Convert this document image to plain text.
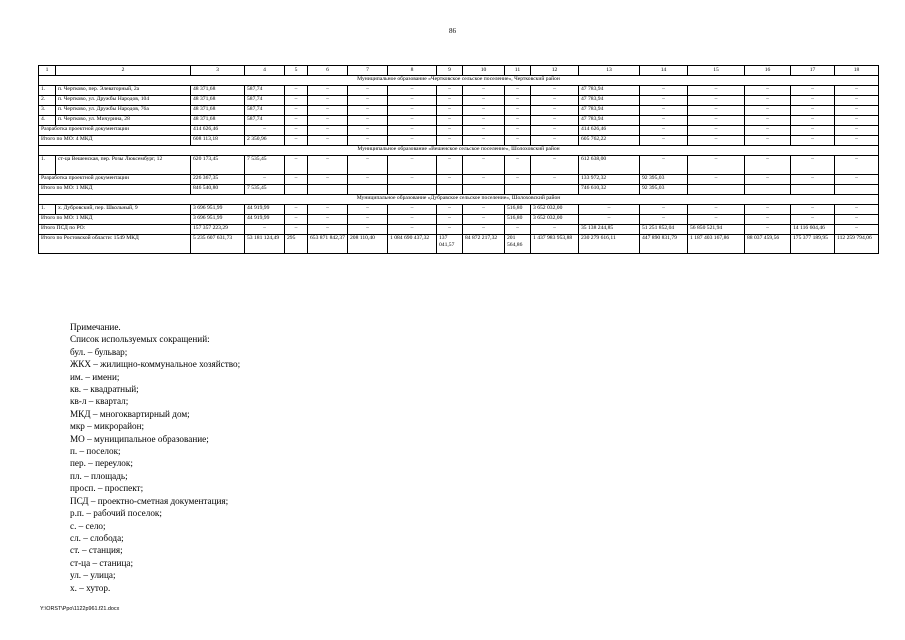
86
1	2	3	4	5	6	7	8	9	10	11	12	13	14	15	16	17	18
Муниципальное образование «Чертковское сельское поселение», Чертковский район																	
1.	п. Чертково, пер. Элеваторный, 2а	48 371,68	587,74	–	–	–	–	–	–	–	–	47 783,94	–	–	–	–	–
2.	п. Чертково, ул. Дружбы Народов, 104	48 371,68	587,74	–	–	–	–	–	–	–	–	47 783,94	–	–	–	–	–
3.	п. Чертково, ул. Дружбы Народов, 76а	48 371,68	587,74	–	–	–	–	–	–	–	–	47 783,94	–	–	–	–	–
4.	п. Чертково, ул. Мичурина, 28	48 371,68	587,74	–	–	–	–	–	–	–	–	47 783,94	–	–	–	–	–
Разработка проектной документации		414 626,46	–	–	–	–	–	–	–	–	–	414 626,46	–	–	–	–	–
Итого по МО: 4 МКД		608 113,18	2 350,96	–	–	–	–	–	–	–	–	605 762,22	–	–	–	–	–
Муниципальное образование «Вешенское сельское поселение», Шолоховский район																	
1.	ст-ца Вешенская, пер. Розы Люксембург, 12	620 173,45	7 535,45	–	–	–	–	–	–	–	–	612 638,00	–	–	–	–	–
Разработка проектной документации		226 367,35	–	–	–	–	–	–	–	–	–	133 972,32	92 395,03	–	–	–	–
Итого по МО: 1 МКД		846 540,80	7 535,45									746 610,32	92 395,03				
Муниципальное образование «Дубравское сельское поселение», Шолоховский район																	
1.	х. Дубровский, пер. Школьный, 9	3 696 951,99	44 919,99	–	–	–	–	–	–	516,80	3 652 032,00	–	–	–	–	–	–
Итого по МО: 1 МКД		3 696 951,99	44 919,99	–	–	–	–	–	–	516,80	3 652 032,00	–	–	–	–	–	–
Итого ПСД по РО:		157 357 223,29	–	–	–	–	–	–	–	–	–	35 138 244,85	51 251 852,04	56 850 521,94	–	14 116 604,46	–
Итого по Ростовской области: 1549 МКД		5 235 607 631,73	53 181 124,49	295	653 871 842,37	208 110,40	1 084 690 437,32	137 041,57	84 872 217,32	201 564,86	1 437 983 953,88	230 279 616,11	447 890 831,79	1 187 403 167,86	88 037 459,56	175 377 189,95	112 259 794,06
Примечание.
Список используемых сокращений:
бул. – бульвар;
ЖКХ – жилищно-коммунальное хозяйство;
им. – имени;
кв. – квадратный;
кв-л – квартал;
МКД – многоквартирный дом;
мкр – микрорайон;
МО – муниципальное образование;
п. – поселок;
пер. – переулок;
пл. – площадь;
просп. – проспект;
ПСД – проектно-сметная документация;
р.п. – рабочий поселок;
с. – село;
сл. – слобода;
ст. – станция;
ст-ца – станица;
ул. – улица;
х. – хутор.
Y:\ORST\Ppo\1122p961.f21.docx
